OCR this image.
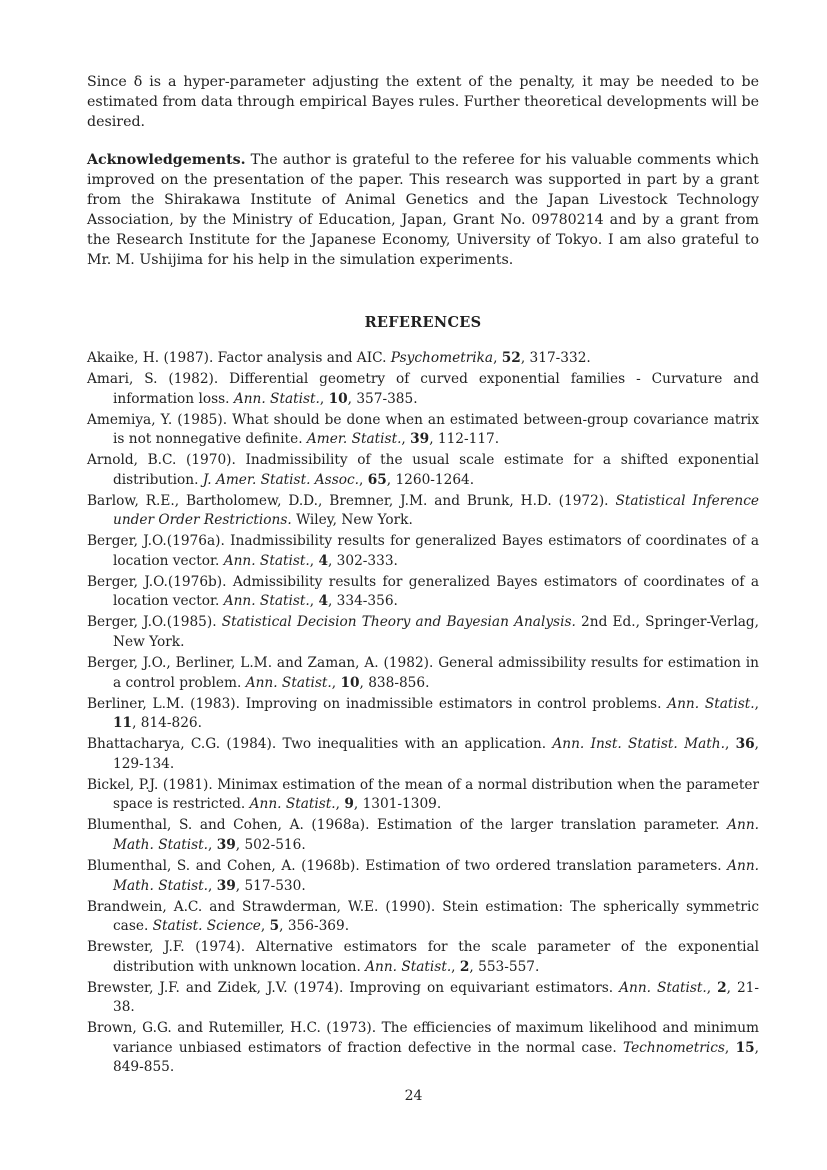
Since δ is a hyper-parameter adjusting the extent of the penalty, it may be needed to be estimated from data through empirical Bayes rules. Further theoretical developments will be desired.

Acknowledgements. The author is grateful to the referee for his valuable comments which improved on the presentation of the paper. This research was supported in part by a grant from the Shirakawa Institute of Animal Genetics and the Japan Livestock Technology Association, by the Ministry of Education, Japan, Grant No. 09780214 and by a grant from the Research Institute for the Japanese Economy, University of Tokyo. I am also grateful to Mr. M. Ushijima for his help in the simulation experiments.

REFERENCES
Akaike, H. (1987). Factor analysis and AIC. Psychometrika, 52, 317-332.
Amari, S. (1982). Differential geometry of curved exponential families - Curvature and information loss. Ann. Statist., 10, 357-385.
Amemiya, Y. (1985). What should be done when an estimated between-group covariance matrix is not nonnegative definite. Amer. Statist., 39, 112-117.
Arnold, B.C. (1970). Inadmissibility of the usual scale estimate for a shifted exponential distribution. J. Amer. Statist. Assoc., 65, 1260-1264.
Barlow, R.E., Bartholomew, D.D., Bremner, J.M. and Brunk, H.D. (1972). Statistical Inference under Order Restrictions. Wiley, New York.
Berger, J.O.(1976a). Inadmissibility results for generalized Bayes estimators of coordinates of a location vector. Ann. Statist., 4, 302-333.
Berger, J.O.(1976b). Admissibility results for generalized Bayes estimators of coordinates of a location vector. Ann. Statist., 4, 334-356.
Berger, J.O.(1985). Statistical Decision Theory and Bayesian Analysis. 2nd Ed., Springer-Verlag, New York.
Berger, J.O., Berliner, L.M. and Zaman, A. (1982). General admissibility results for estimation in a control problem. Ann. Statist., 10, 838-856.
Berliner, L.M. (1983). Improving on inadmissible estimators in control problems. Ann. Statist., 11, 814-826.
Bhattacharya, C.G. (1984). Two inequalities with an application. Ann. Inst. Statist. Math., 36, 129-134.
Bickel, P.J. (1981). Minimax estimation of the mean of a normal distribution when the parameter space is restricted. Ann. Statist., 9, 1301-1309.
Blumenthal, S. and Cohen, A. (1968a). Estimation of the larger translation parameter. Ann. Math. Statist., 39, 502-516.
Blumenthal, S. and Cohen, A. (1968b). Estimation of two ordered translation parameters. Ann. Math. Statist., 39, 517-530.
Brandwein, A.C. and Strawderman, W.E. (1990). Stein estimation: The spherically symmetric case. Statist. Science, 5, 356-369.
Brewster, J.F. (1974). Alternative estimators for the scale parameter of the exponential distribution with unknown location. Ann. Statist., 2, 553-557.
Brewster, J.F. and Zidek, J.V. (1974). Improving on equivariant estimators. Ann. Statist., 2, 21-38.
Brown, G.G. and Rutemiller, H.C. (1973). The efficiencies of maximum likelihood and minimum variance unbiased estimators of fraction defective in the normal case. Technometrics, 15, 849-855.
24
